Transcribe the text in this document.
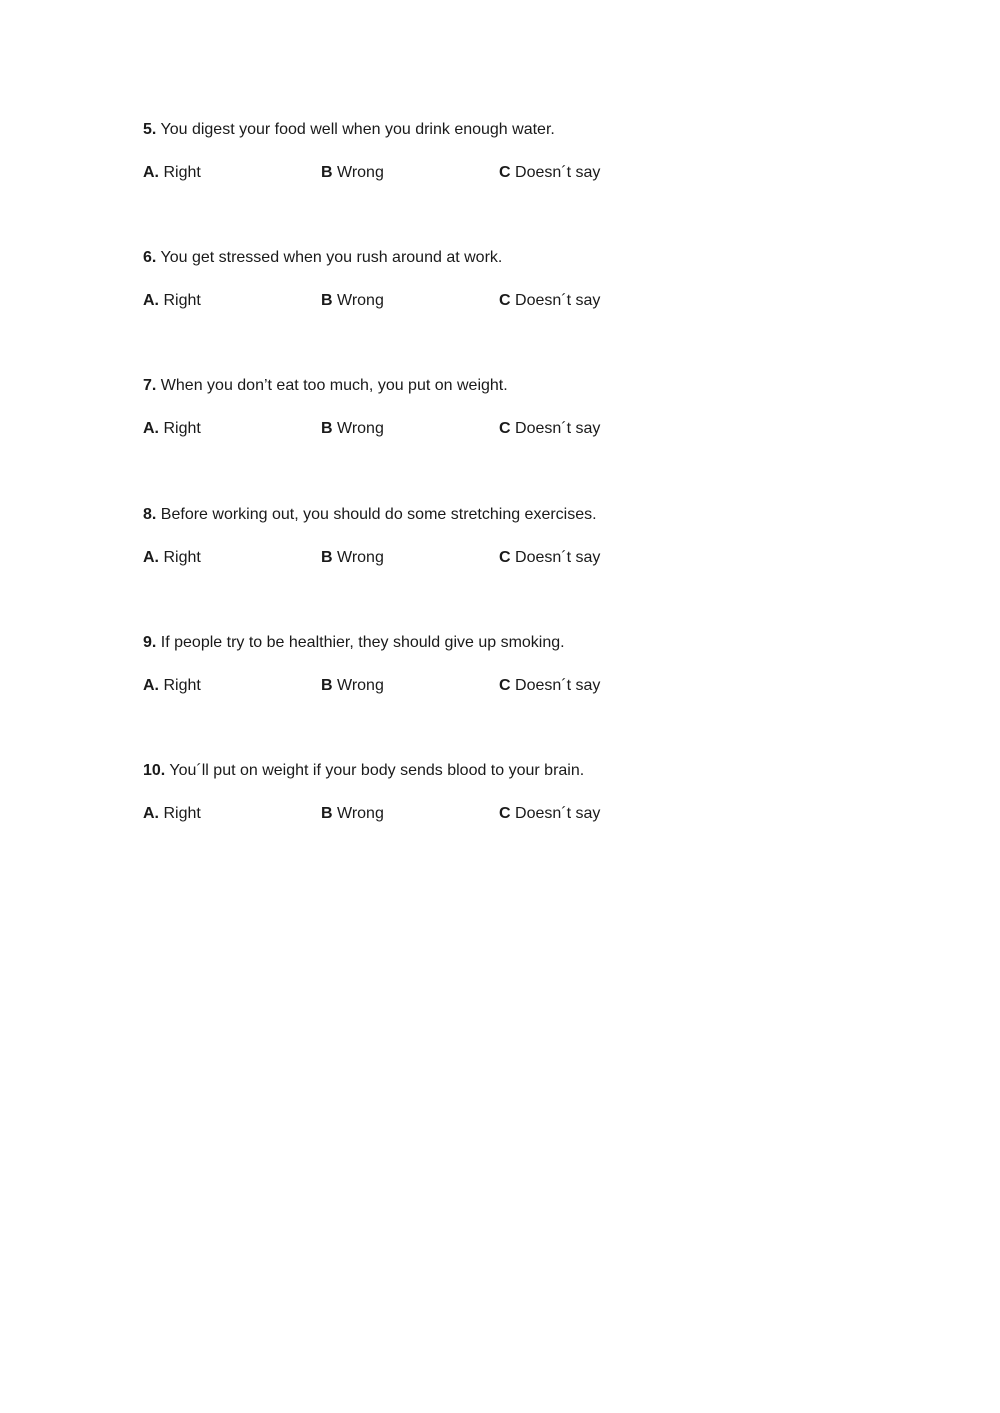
5. You digest your food well when you drink enough water.
A. Right	B Wrong	C Doesn´t say
6. You get stressed when you rush around at work.
A. Right	B Wrong	C Doesn´t say
7. When you don’t eat too much, you put on weight.
A. Right	B Wrong	C Doesn´t say
8. Before working out, you should do some stretching exercises.
A. Right	B Wrong	C Doesn´t say
9. If people try to be healthier, they should give up smoking.
A. Right	B Wrong	C Doesn´t say
10. You´ll put on weight if your body sends blood to your brain.
A. Right	B Wrong	C Doesn´t say
